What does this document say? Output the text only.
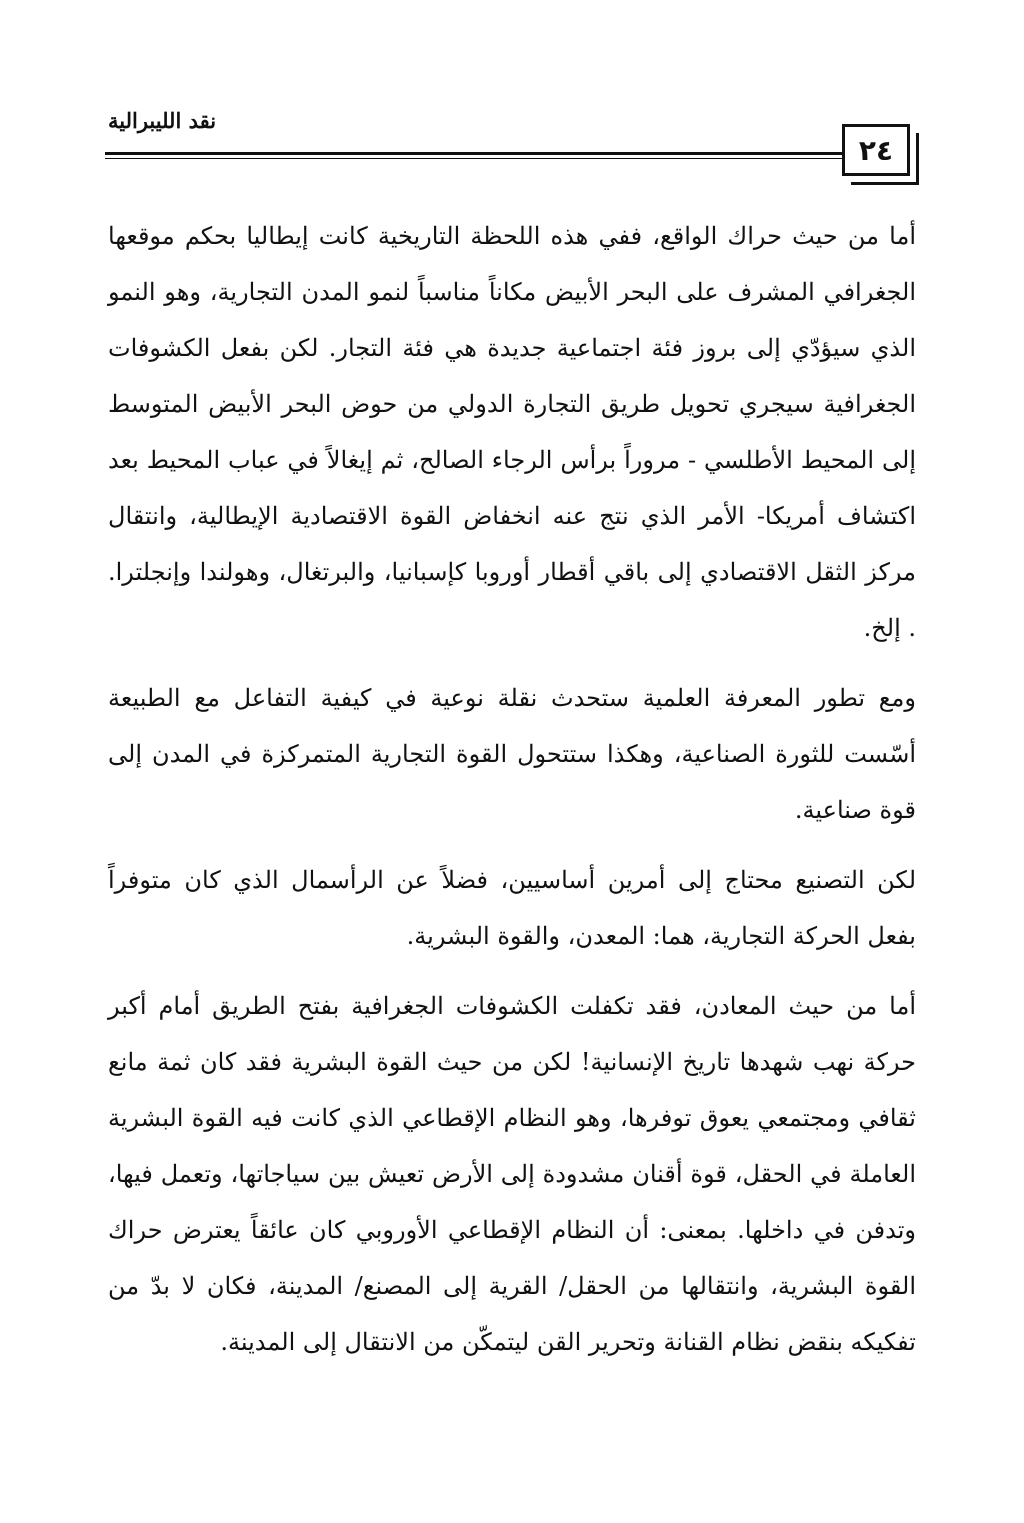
نقد الليبرالية
٢٤

أما من حيث حراك الواقع، ففي هذه اللحظة التاريخية كانت إيطاليا بحكم موقعها الجغرافي المشرف على البحر الأبيض مكاناً مناسباً لنمو المدن التجارية، وهو النمو الذي سيؤدّي إلى بروز فئة اجتماعية جديدة هي فئة التجار. لكن بفعل الكشوفات الجغرافية سيجري تحويل طريق التجارة الدولي من حوض البحر الأبيض المتوسط إلى المحيط الأطلسي - مروراً برأس الرجاء الصالح، ثم إيغالاً في عباب المحيط بعد اكتشاف أمريكا- الأمر الذي نتج عنه انخفاض القوة الاقتصادية الإيطالية، وانتقال مركز الثقل الاقتصادي إلى باقي أقطار أوروبا كإسبانيا، والبرتغال، وهولندا وإنجلترا. . إلخ.

ومع تطور المعرفة العلمية ستحدث نقلة نوعية في كيفية التفاعل مع الطبيعة أسّست للثورة الصناعية، وهكذا ستتحول القوة التجارية المتمركزة في المدن إلى قوة صناعية.

لكن التصنيع محتاج إلى أمرين أساسيين، فضلاً عن الرأسمال الذي كان متوفراً بفعل الحركة التجارية، هما: المعدن، والقوة البشرية.

أما من حيث المعادن، فقد تكفلت الكشوفات الجغرافية بفتح الطريق أمام أكبر حركة نهب شهدها تاريخ الإنسانية! لكن من حيث القوة البشرية فقد كان ثمة مانع ثقافي ومجتمعي يعوق توفرها، وهو النظام الإقطاعي الذي كانت فيه القوة البشرية العاملة في الحقل، قوة أقنان مشدودة إلى الأرض تعيش بين سياجاتها، وتعمل فيها، وتدفن في داخلها. بمعنى: أن النظام الإقطاعي الأوروبي كان عائقاً يعترض حراك القوة البشرية، وانتقالها من الحقل/ القرية إلى المصنع/ المدينة، فكان لا بدّ من تفكيكه بنقض نظام القنانة وتحرير القن ليتمكّن من الانتقال إلى المدينة.
